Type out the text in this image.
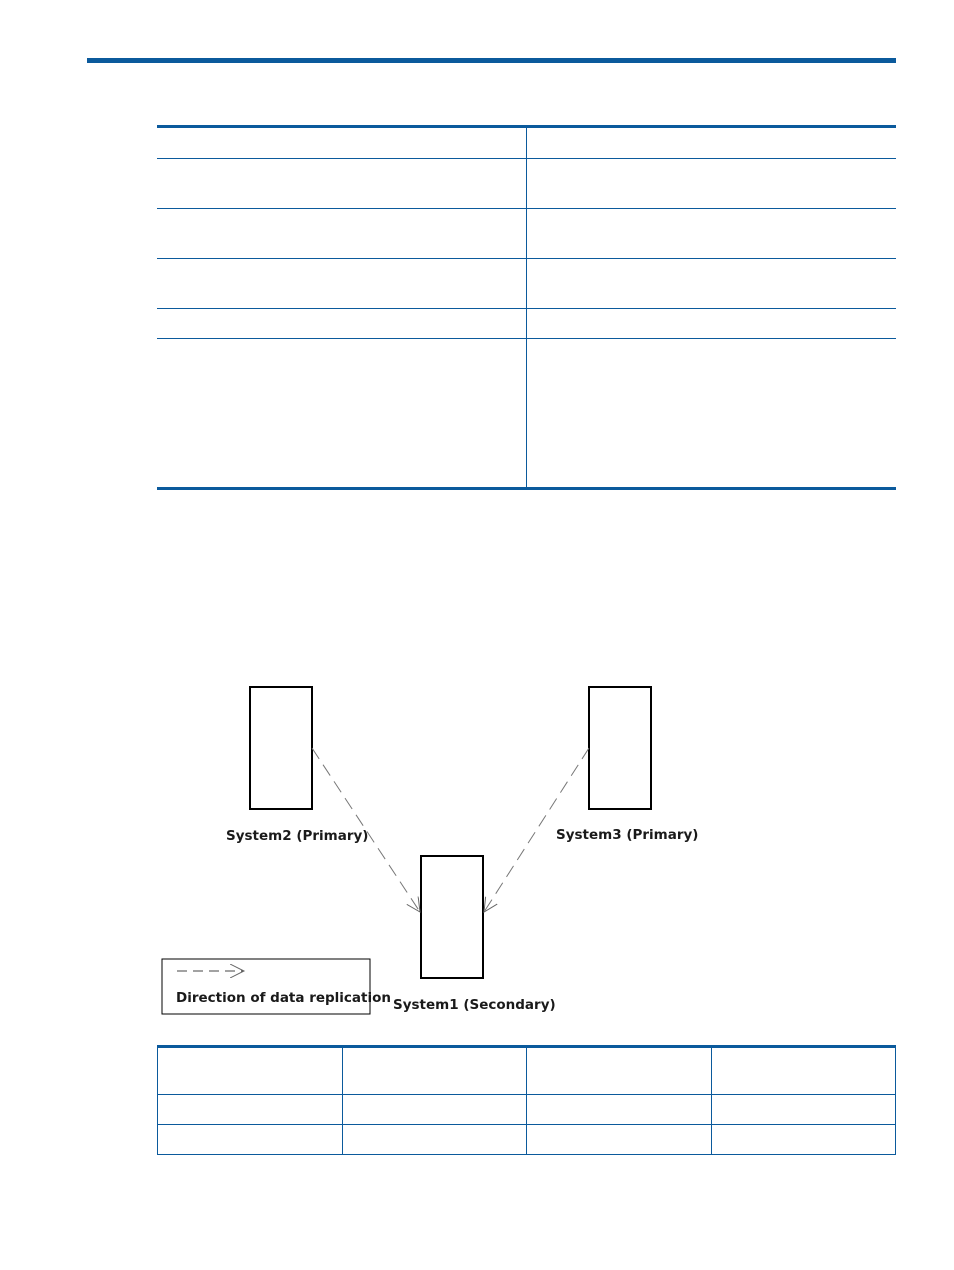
System2 (Primary)	System3 (Primary)
System1 (Secondary)
Direction of data replication
